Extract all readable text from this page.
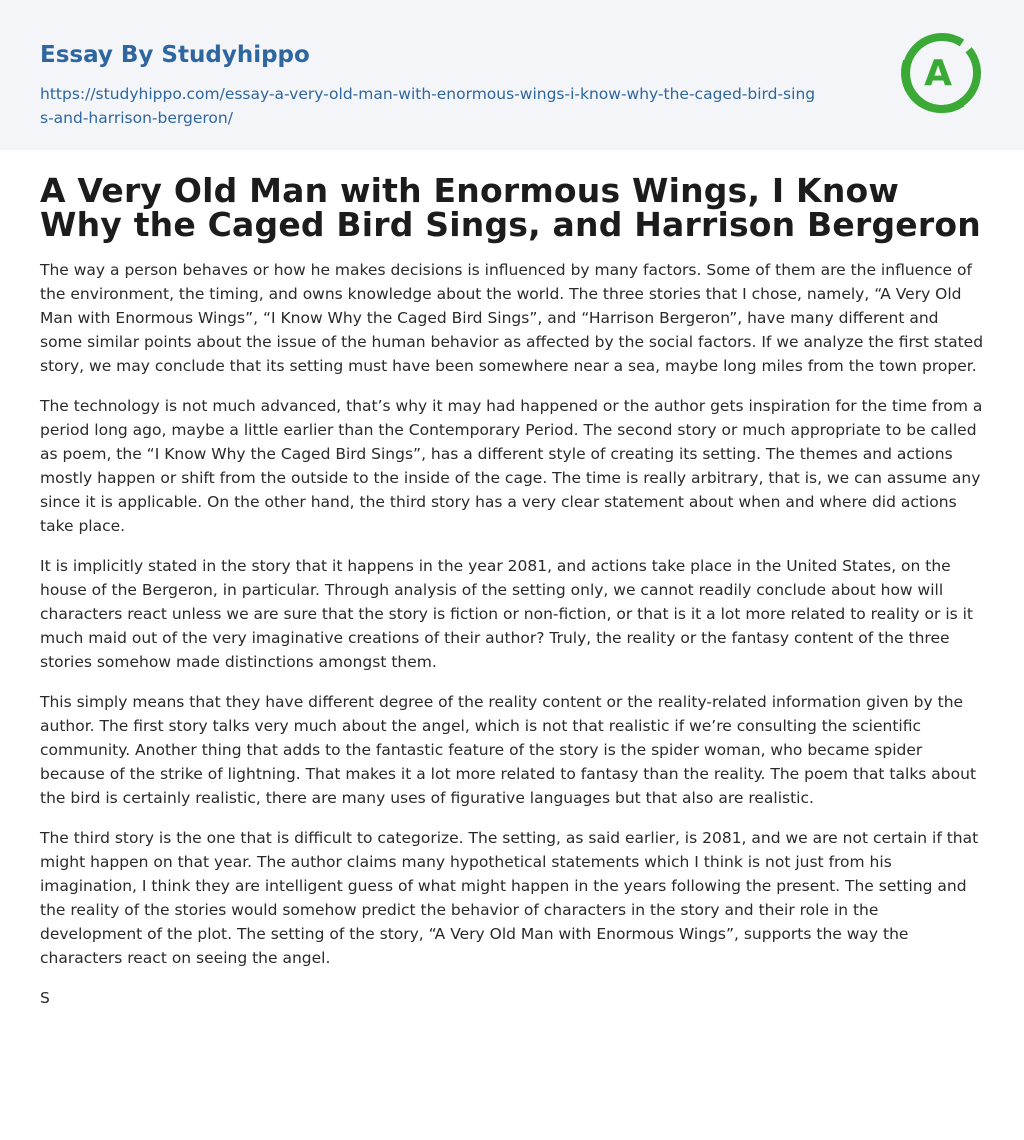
Essay By Studyhippo
https://studyhippo.com/essay-a-very-old-man-with-enormous-wings-i-know-why-the-caged-bird-sings-and-harrison-bergeron/
A
A Very Old Man with Enormous Wings, I Know Why the Caged Bird Sings, and Harrison Bergeron

The way a person behaves or how he makes decisions is influenced by many factors. Some of them are the influence of the environment, the timing, and owns knowledge about the world. The three stories that I chose, namely, “A Very Old Man with Enormous Wings”, “I Know Why the Caged Bird Sings”, and “Harrison Bergeron”, have many different and some similar points about the issue of the human behavior as affected by the social factors. If we analyze the first stated story, we may conclude that its setting must have been somewhere near a sea, maybe long miles from the town proper.

The technology is not much advanced, that’s why it may had happened or the author gets inspiration for the time from a period long ago, maybe a little earlier than the Contemporary Period. The second story or much appropriate to be called as poem, the “I Know Why the Caged Bird Sings”, has a different style of creating its setting. The themes and actions mostly happen or shift from the outside to the inside of the cage. The time is really arbitrary, that is, we can assume any since it is applicable. On the other hand, the third story has a very clear statement about when and where did actions take place.

It is implicitly stated in the story that it happens in the year 2081, and actions take place in the United States, on the house of the Bergeron, in particular. Through analysis of the setting only, we cannot readily conclude about how will characters react unless we are sure that the story is fiction or non-fiction, or that is it a lot more related to reality or is it much maid out of the very imaginative creations of their author? Truly, the reality or the fantasy content of the three stories somehow made distinctions amongst them.

This simply means that they have different degree of the reality content or the reality-related information given by the author. The first story talks very much about the angel, which is not that realistic if we’re consulting the scientific community. Another thing that adds to the fantastic feature of the story is the spider woman, who became spider because of the strike of lightning. That makes it a lot more related to fantasy than the reality. The poem that talks about the bird is certainly realistic, there are many uses of figurative languages but that also are realistic.

The third story is the one that is difficult to categorize. The setting, as said earlier, is 2081, and we are not certain if that might happen on that year. The author claims many hypothetical statements which I think is not just from his imagination, I think they are intelligent guess of what might happen in the years following the present. The setting and the reality of the stories would somehow predict the behavior of characters in the story and their role in the development of the plot. The setting of the story, “A Very Old Man with Enormous Wings”, supports the way the characters react on seeing the angel.

S
